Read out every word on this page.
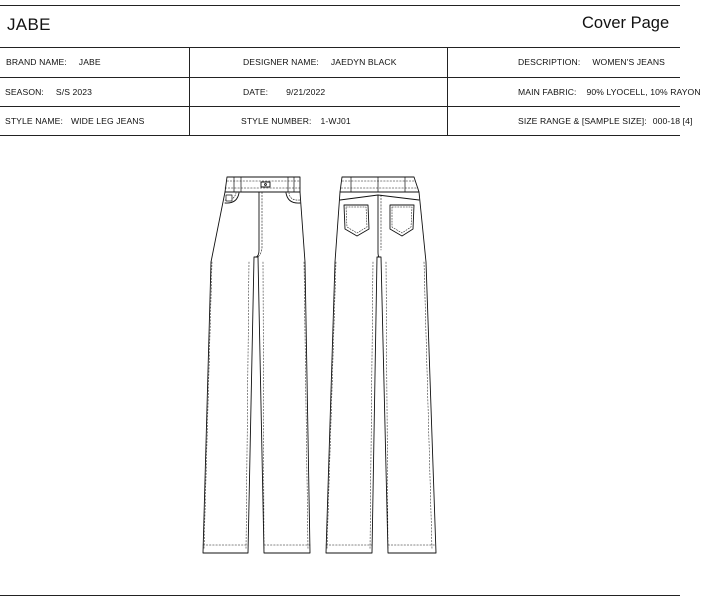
JABE	Cover Page
BRAND NAME: JABE	DESIGNER NAME: JAEDYN BLACK	DESCRIPTION: WOMEN'S JEANS
SEASON: S/S 2023	DATE: 9/21/2022	MAIN FABRIC: 90% LYOCELL, 10% RAYON
STYLE NAME: WIDE LEG JEANS	STYLE NUMBER: 1-WJ01	SIZE RANGE & [SAMPLE SIZE]: 000-18 [4]
